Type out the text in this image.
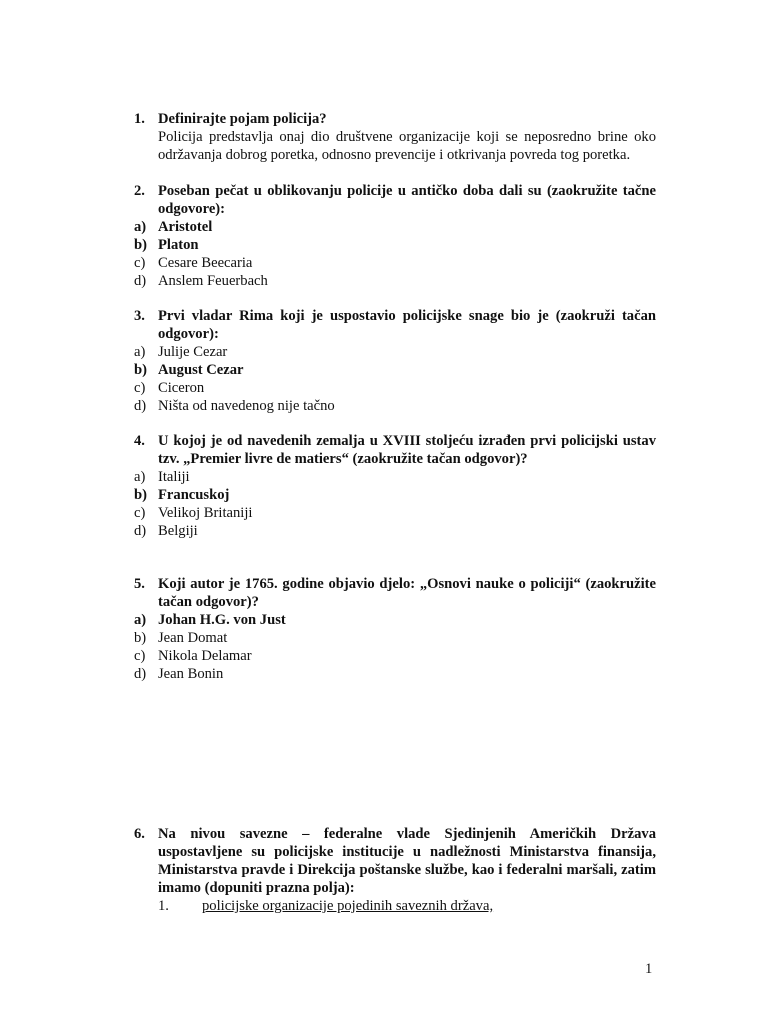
1. Definirajte pojam policija?
Policija predstavlja onaj dio društvene organizacije koji se neposredno brine oko održavanja dobrog poretka, odnosno prevencije i otkrivanja povreda tog poretka.
2. Poseban pečat u oblikovanju policije u antičko doba dali su (zaokružite tačne odgovore):
a) Aristotel
b) Platon
c) Cesare Beecaria
d) Anslem Feuerbach
3. Prvi vladar Rima koji je uspostavio policijske snage bio je (zaokruži tačan odgovor):
a) Julije Cezar
b) August Cezar
c) Ciceron
d) Ništa od navedenog nije tačno
4. U kojoj je od navedenih zemalja u XVIII stoljeću izrađen prvi policijski ustav tzv. „Premier livre de matiers“ (zaokružite tačan odgovor)?
a) Italiji
b) Francuskoj
c) Velikoj Britaniji
d) Belgiji
5. Koji autor je 1765. godine objavio djelo: „Osnovi nauke o policiji“ (zaokružite tačan odgovor)?
a) Johan H.G. von Just
b) Jean Domat
c) Nikola Delamar
d) Jean Bonin
6. Na nivou savezne – federalne vlade Sjedinjenih Američkih Država uspostavljene su policijske institucije u nadležnosti Ministarstva finansija, Ministarstva pravde i Direkcija poštanske službe, kao i federalni maršali, zatim imamo (dopuniti prazna polja):
1. policijske organizacije pojedinih saveznih država,
1
